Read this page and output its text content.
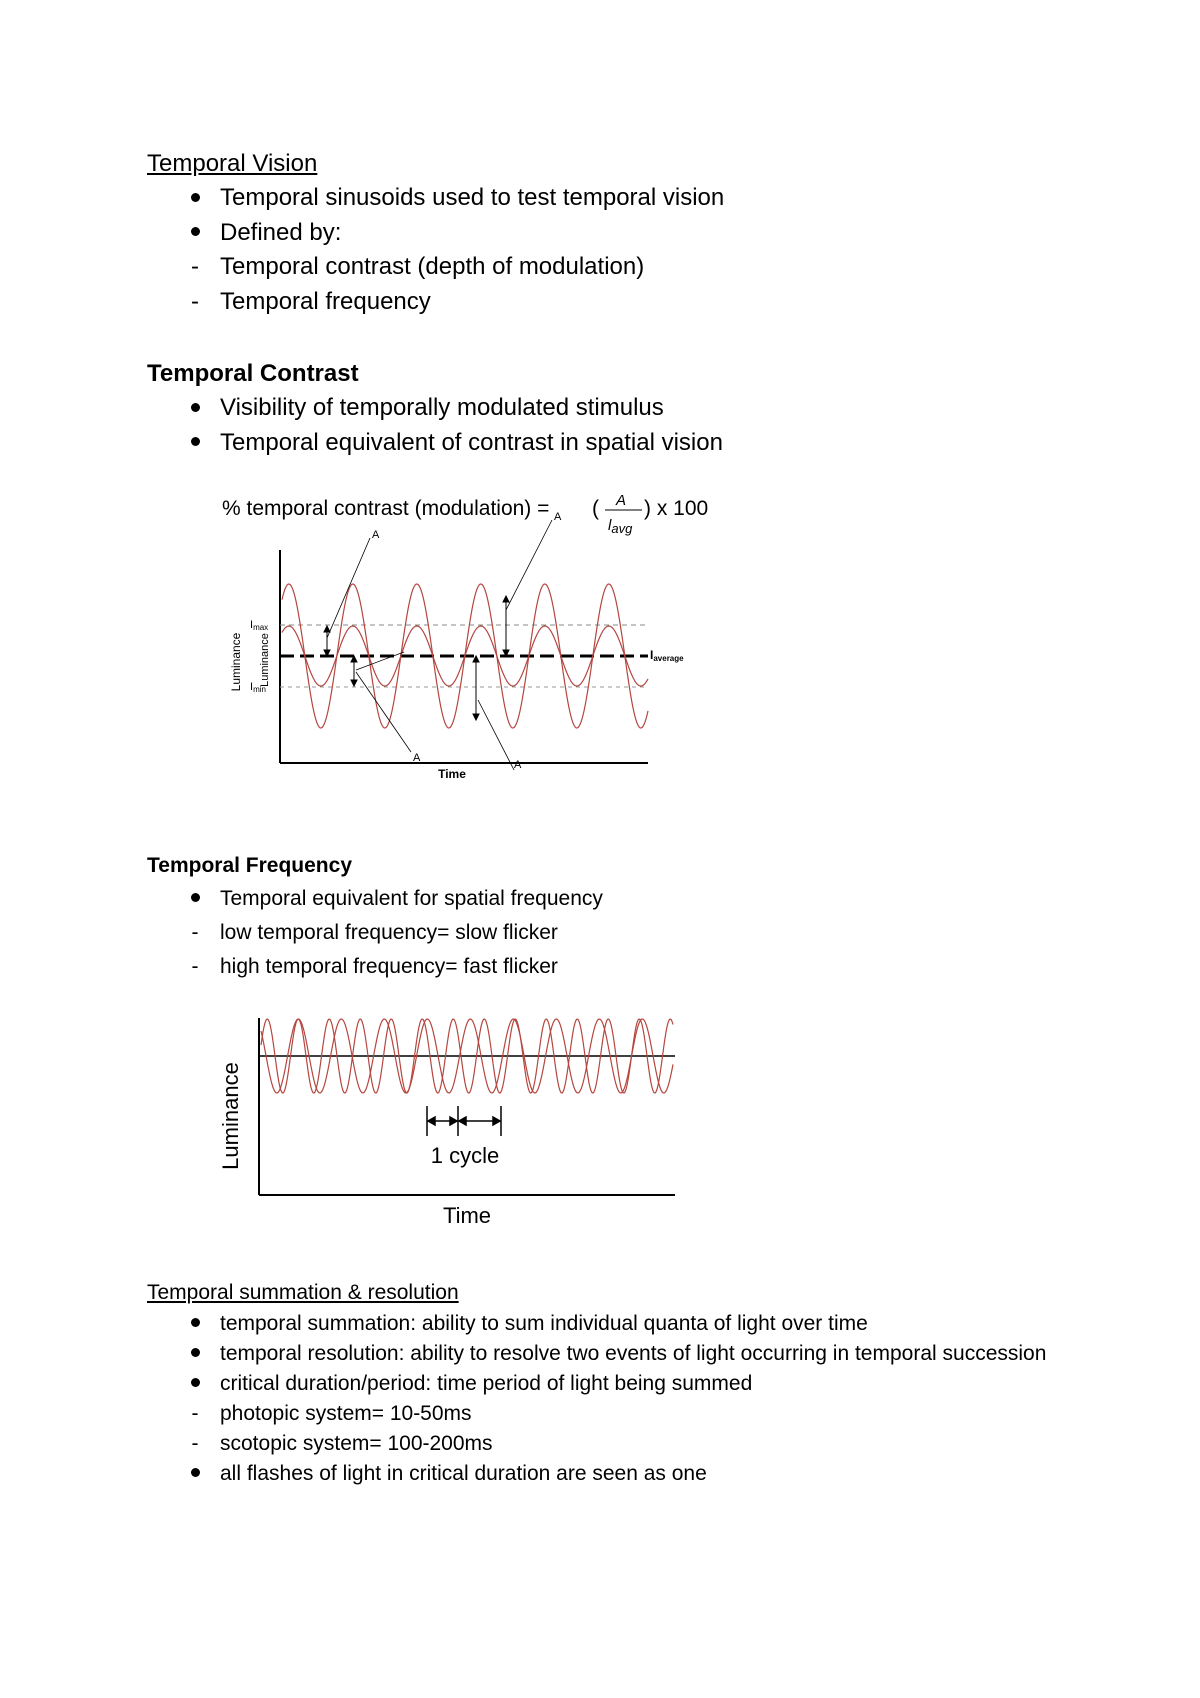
Temporal Vision
Temporal sinusoids used to test temporal vision
Defined by:
- Temporal contrast (depth of modulation)
- Temporal frequency
Temporal Contrast
Visibility of temporally modulated stimulus
Temporal equivalent of contrast in spatial vision
% temporal contrast (modulation) = ( A
lavg
) x 100
Time
Luminance Luminance
Imax
Imin
Iaverage
A
A
A
A
Temporal Frequency
Temporal equivalent for spatial frequency
-	low temporal frequency= slow flicker
-	high temporal frequency= fast flicker
Time
Luminance	1 cycle
Temporal summation & resolution
temporal summation: ability to sum individual quanta of light over time
temporal resolution: ability to resolve two events of light occurring in temporal succession
critical duration/period: time period of light being summed
-	photopic system= 10-50ms
-	scotopic system= 100-200ms
all flashes of light in critical duration are seen as one
